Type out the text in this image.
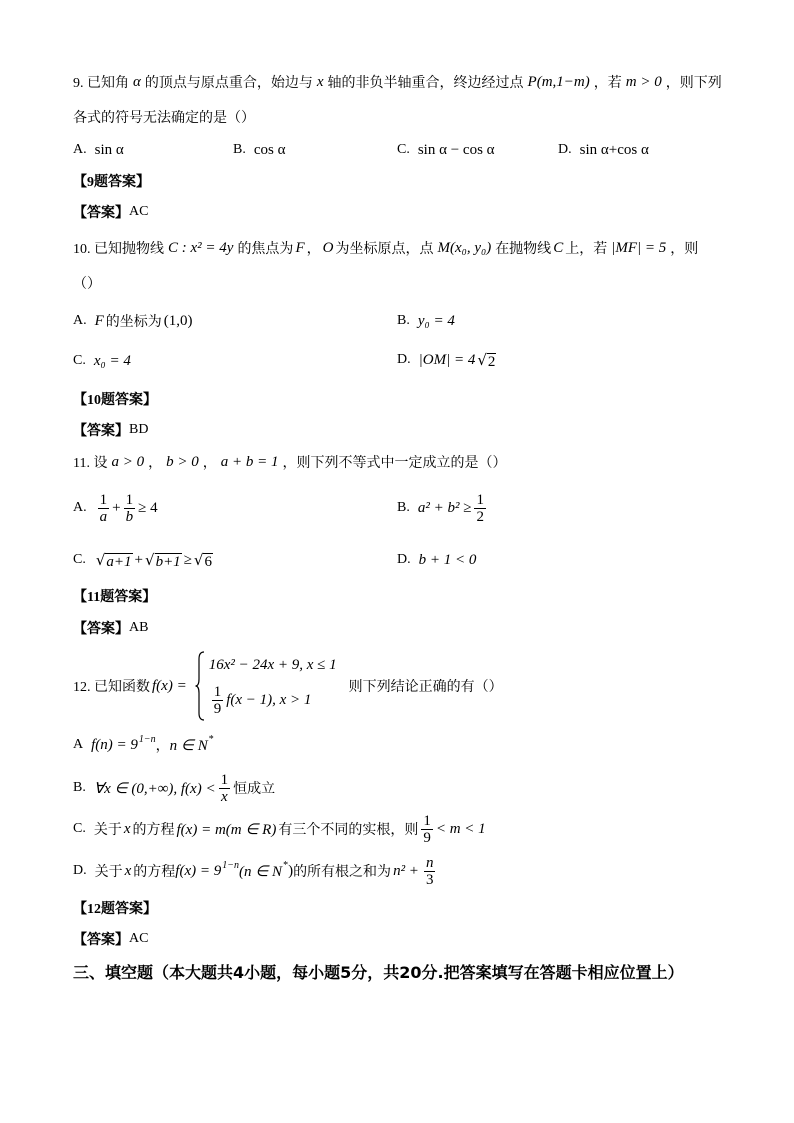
9. 已知角 α 的顶点与原点重合，始边与 x 轴的非负半轴重合，终边经过点 P(m,1−m) ，若 m > 0 ，则下列
各式的符号无法确定的是（）
A. sin α	B. cos α	C. sin α − cos α	D. sin α+cos α
【9题答案】
【答案】 AC
10. 已知抛物线 C : x² = 4y 的焦点为 F ， O 为坐标原点，点 M(x₀, y₀) 在抛物线 C 上，若 |MF| = 5 ，则
（）
A. F 的坐标为 (1,0)	B. y₀ = 4
C. x₀ = 4	D. |OM| = 4 √ 2
【10题答案】
【答案】 BD
11. 设 a > 0 ， b > 0 ， a + b = 1 ，则下列不等式中一定成立的是（）
A. $\frac{1}{a} + \frac{1}{b} \ge 4$	B. $a^2 + b^2 \ge \frac{1}{2}$
C. √ a+1 + √ b+1 ≥ √ 6	D. b + 1 < 0
【11题答案】
【答案】 AB
12. 已知函数 f(x) =
16x² − 24x + 9, x ≤ 1
$\frac{1}{9} f(x - 1)$, x > 1
则下列结论正确的有（）
A f(n) = 9 1−n ， n ∈ N *
B. ∀x ∈ (0,+∞), $f(x) < \frac{1}{x}$ 恒成立
C. 关于 x 的方程 f(x) = m(m ∈ R) 有三个不同的实根，则 $\frac{1}{9} < m < 1$
D. 关于 x 的方程 f(x) = 9 1−n (n ∈ N * ) 的所有根之和为 $n^2 + \frac{n}{3}$
【12题答案】
【答案】 AC
三、填空题（本大题共4小题，每小题5分，共20分.把答案填写在答题卡相应位置上）
